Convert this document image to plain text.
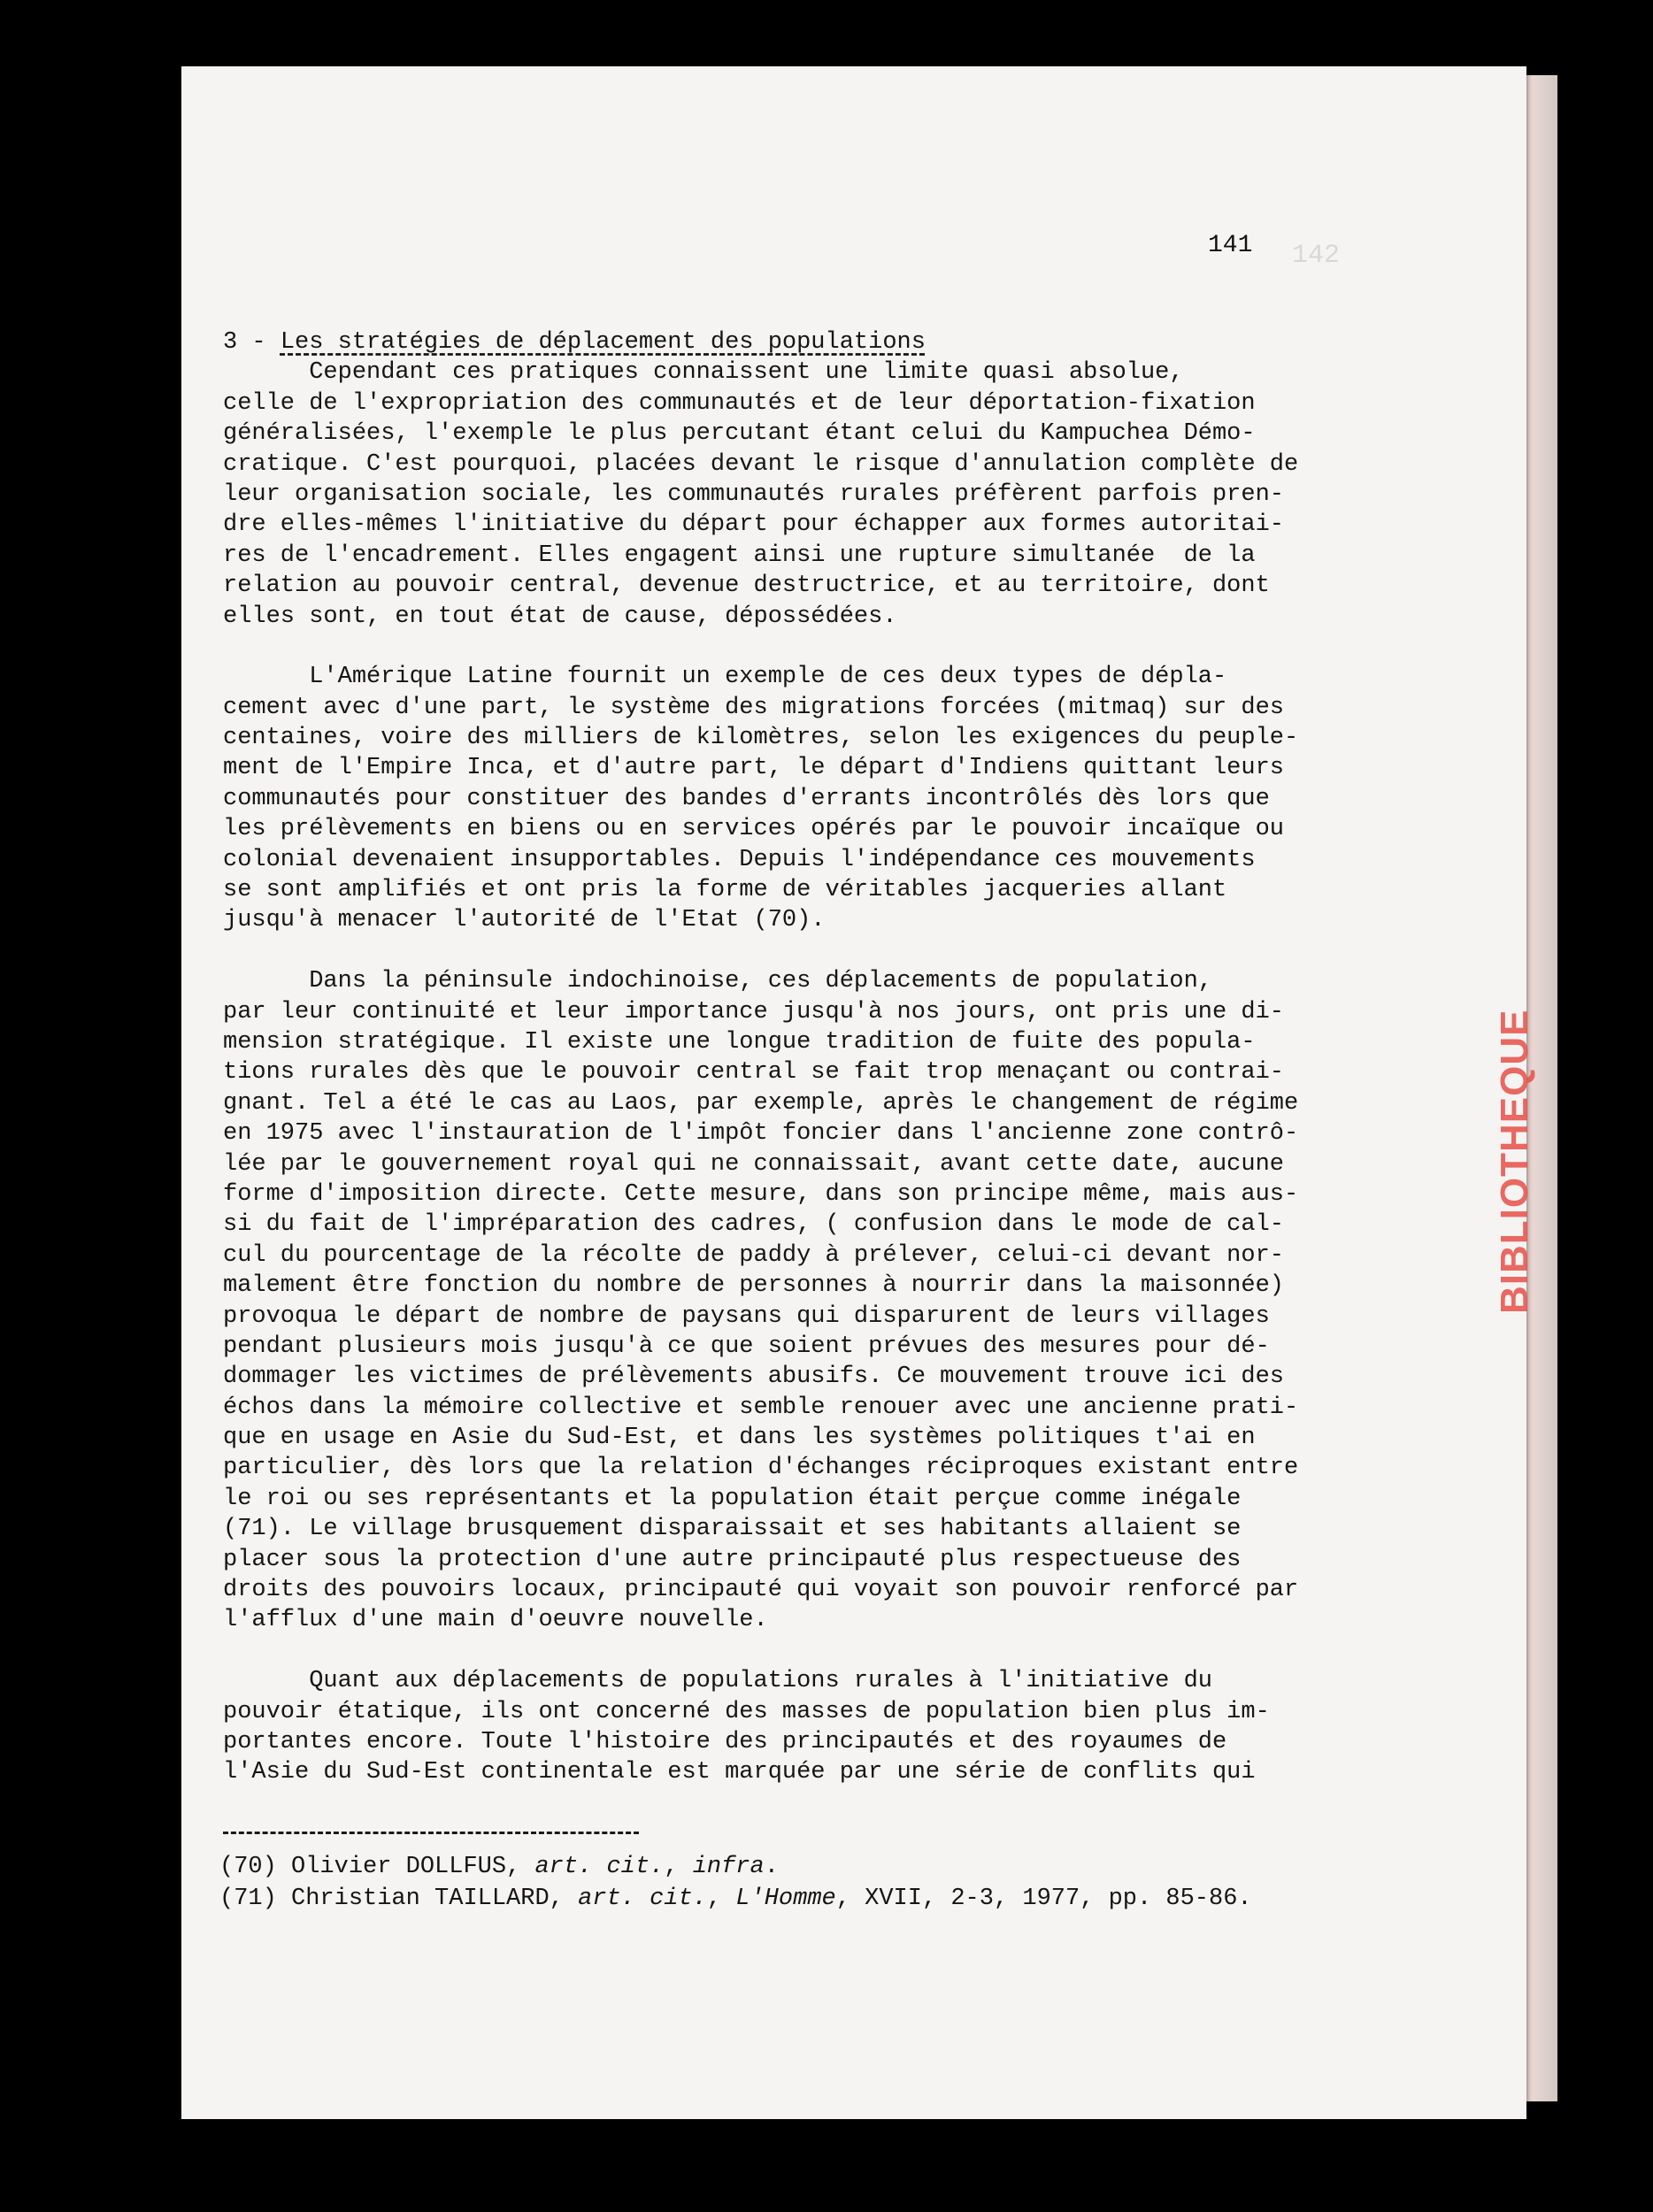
BIBLIOTHEQUE
142
141
3 - Les stratégies de déplacement des populations
Cependant ces pratiques connaissent une limite quasi absolue,
celle de l'expropriation des communautés et de leur déportation-fixation
généralisées, l'exemple le plus percutant étant celui du Kampuchea Démo-
cratique. C'est pourquoi, placées devant le risque d'annulation complète de
leur organisation sociale, les communautés rurales préfèrent parfois pren-
dre elles-mêmes l'initiative du départ pour échapper aux formes autoritai-
res de l'encadrement. Elles engagent ainsi une rupture simultanée  de la
relation au pouvoir central, devenue destructrice, et au territoire, dont
elles sont, en tout état de cause, dépossédées.
L'Amérique Latine fournit un exemple de ces deux types de dépla-
cement avec d'une part, le système des migrations forcées (mitmaq) sur des
centaines, voire des milliers de kilomètres, selon les exigences du peuple-
ment de l'Empire Inca, et d'autre part, le départ d'Indiens quittant leurs
communautés pour constituer des bandes d'errants incontrôlés dès lors que
les prélèvements en biens ou en services opérés par le pouvoir incaïque ou
colonial devenaient insupportables. Depuis l'indépendance ces mouvements
se sont amplifiés et ont pris la forme de véritables jacqueries allant
jusqu'à menacer l'autorité de l'Etat (70).
Dans la péninsule indochinoise, ces déplacements de population,
par leur continuité et leur importance jusqu'à nos jours, ont pris une di-
mension stratégique. Il existe une longue tradition de fuite des popula-
tions rurales dès que le pouvoir central se fait trop menaçant ou contrai-
gnant. Tel a été le cas au Laos, par exemple, après le changement de régime
en 1975 avec l'instauration de l'impôt foncier dans l'ancienne zone contrô-
lée par le gouvernement royal qui ne connaissait, avant cette date, aucune
forme d'imposition directe. Cette mesure, dans son principe même, mais aus-
si du fait de l'impréparation des cadres, ( confusion dans le mode de cal-
cul du pourcentage de la récolte de paddy à prélever, celui-ci devant nor-
malement être fonction du nombre de personnes à nourrir dans la maisonnée)
provoqua le départ de nombre de paysans qui disparurent de leurs villages
pendant plusieurs mois jusqu'à ce que soient prévues des mesures pour dé-
dommager les victimes de prélèvements abusifs. Ce mouvement trouve ici des
échos dans la mémoire collective et semble renouer avec une ancienne prati-
que en usage en Asie du Sud-Est, et dans les systèmes politiques t'ai en
particulier, dès lors que la relation d'échanges réciproques existant entre
le roi ou ses représentants et la population était perçue comme inégale
(71). Le village brusquement disparaissait et ses habitants allaient se
placer sous la protection d'une autre principauté plus respectueuse des
droits des pouvoirs locaux, principauté qui voyait son pouvoir renforcé par
l'afflux d'une main d'oeuvre nouvelle.
Quant aux déplacements de populations rurales à l'initiative du
pouvoir étatique, ils ont concerné des masses de population bien plus im-
portantes encore. Toute l'histoire des principautés et des royaumes de
l'Asie du Sud-Est continentale est marquée par une série de conflits qui
(70) Olivier DOLLFUS, art. cit., infra.
(71) Christian TAILLARD, art. cit., L'Homme, XVII, 2-3, 1977, pp. 85-86.
